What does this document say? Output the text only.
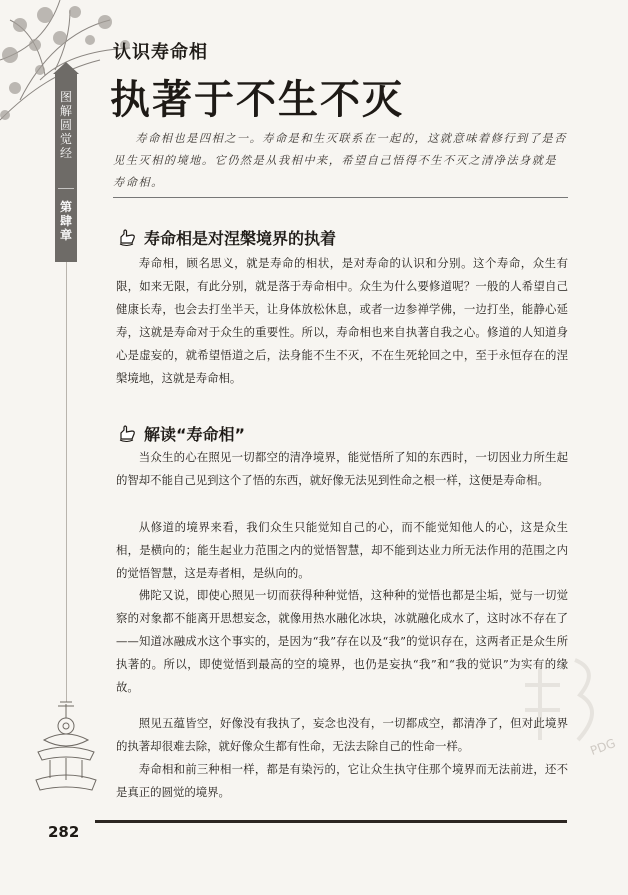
图解圆觉经
第肆章
认识寿命相
执著于不生不灭

寿命相也是四相之一。寿命是和生灭联系在一起的，这就意味着修行到了是否见生灭相的境地。它仍然是从我相中来，希望自己悟得不生不灭之清净法身就是寿命相。

寿命相是对涅槃境界的执着

寿命相，顾名思义，就是寿命的相状，是对寿命的认识和分别。这个寿命，众生有限，如来无限，有此分别，就是落于寿命相中。众生为什么要修道呢？一般的人希望自己健康长寿，也会去打坐半天，让身体放松休息，或者一边参禅学佛，一边打坐，能静心延寿，这就是寿命对于众生的重要性。所以，寿命相也来自执著自我之心。修道的人知道身心是虚妄的，就希望悟道之后，法身能不生不灭，不在生死轮回之中，至于永恒存在的涅槃境地，这就是寿命相。

解读“寿命相”

当众生的心在照见一切都空的清净境界，能觉悟所了知的东西时，一切因业力所生起的智却不能自己见到这个了悟的东西，就好像无法见到性命之根一样，这便是寿命相。

从修道的境界来看，我们众生只能觉知自己的心，而不能觉知他人的心，这是众生相，是横向的；能生起业力范围之内的觉悟智慧，却不能到达业力所无法作用的范围之内的觉悟智慧，这是寿者相，是纵向的。

佛陀又说，即使心照见一切而获得种种觉悟，这种种的觉悟也都是尘垢，觉与一切觉察的对象都不能离开思想妄念，就像用热水融化冰块，冰就融化成水了，这时冰不存在了——知道冰融成水这个事实的，是因为“我”存在以及“我”的觉识存在，这两者正是众生所执著的。所以，即使觉悟到最高的空的境界，也仍是妄执“我”和“我的觉识”为实有的缘故。

照见五蕴皆空，好像没有我执了，妄念也没有，一切都成空，都清净了，但对此境界的执著却很难去除，就好像众生都有性命，无法去除自己的性命一样。

寿命相和前三种相一样，都是有染污的，它让众生执守住那个境界而无法前进，还不是真正的圆觉的境界。

PDG
282
